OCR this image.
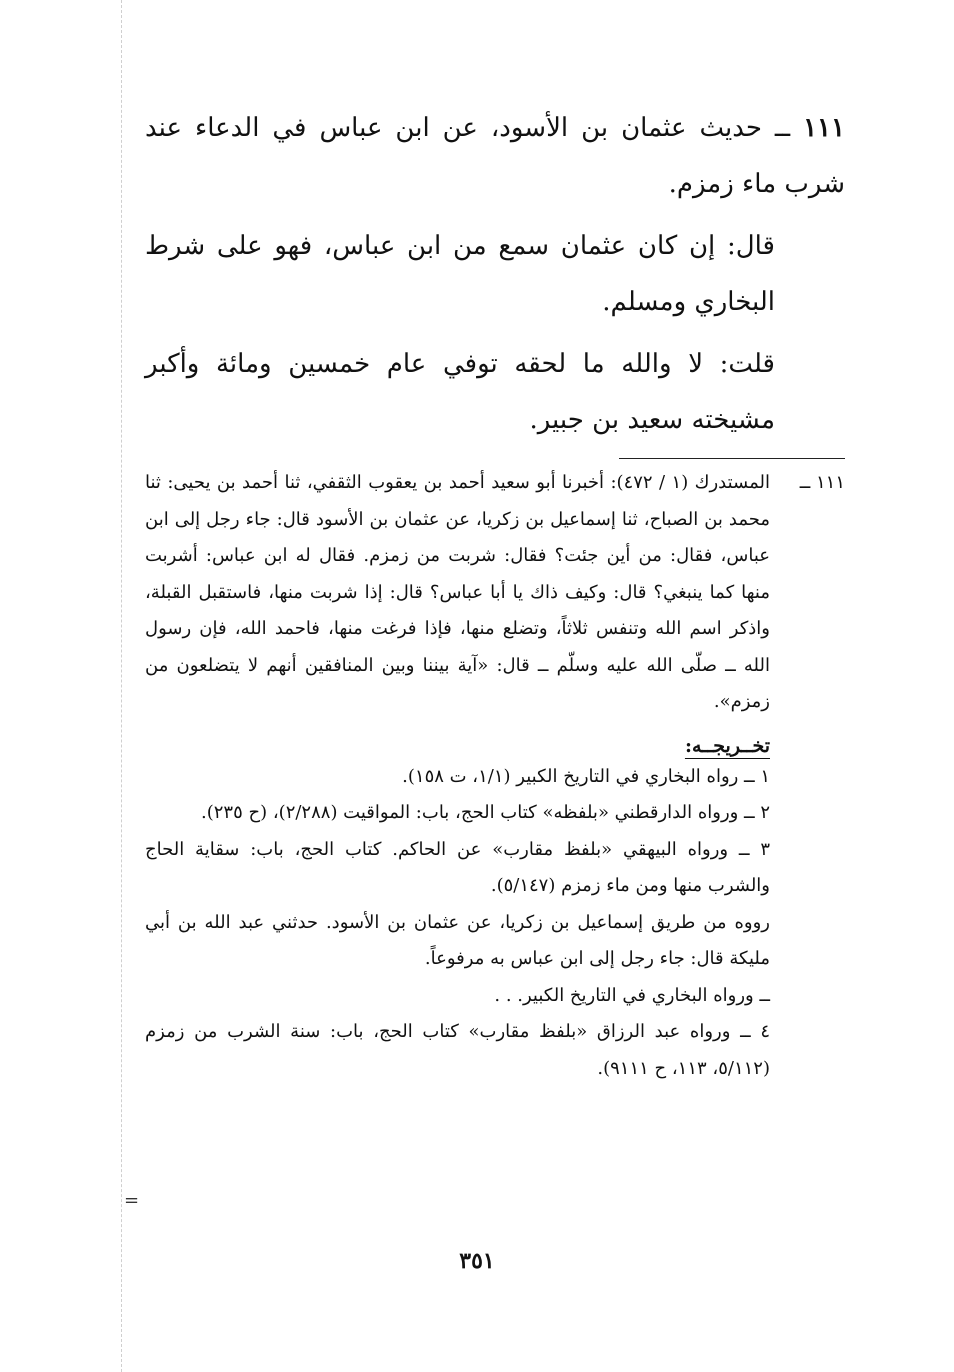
١١١ ــ حديث عثمان بن الأسود، عن ابن عباس في الدعاء عند شرب ماء زمزم.

قال: إن كان عثمان سمع من ابن عباس، فهو على شرط البخاري ومسلم.

قلت: لا والله ما لحقه توفي عام خمسين ومائة وأكبر مشيخته سعيد بن جبير.

١١١ ــالمستدرك (١ / ٤٧٢): أخبرنا أبو سعيد أحمد بن يعقوب الثقفي، ثنا أحمد بن يحيى: ثنا محمد بن الصباح، ثنا إسماعيل بن زكريا، عن عثمان بن الأسود قال: جاء رجل إلى ابن عباس، فقال: من أين جئت؟ فقال: شربت من زمزم. فقال له ابن عباس: أشربت منها كما ينبغي؟ قال: وكيف ذاك يا أبا عباس؟ قال: إذا شربت منها، فاستقبل القبلة، واذكر اسم الله وتنفس ثلاثاً، وتضلع منها، فإذا فرغت منها، فاحمد الله، فإن رسول الله ــ صلّى الله عليه وسلّم ــ قال: «آية بيننا وبين المنافقين أنهم لا يتضلعون من زمزم».

تخــريجــه:

١ ــ رواه البخاري في التاريخ الكبير (١/١، ت ١٥٨).

٢ ــ ورواه الدارقطني «بلفظه» كتاب الحج، باب: المواقيت (٢/٢٨٨)، (ح ٢٣٥).

٣ ــ ورواه البيهقي «بلفظ مقارب» عن الحاكم. كتاب الحج، باب: سقاية الحاج والشرب منها ومن ماء زمزم (٥/١٤٧).

رووه من طريق إسماعيل بن زكريا، عن عثمان بن الأسود. حدثني عبد الله بن أبي مليكة قال: جاء رجل إلى ابن عباس به مرفوعاً.

ــ ورواه البخاري في التاريخ الكبير. . .

٤ ــ ورواه عبد الرزاق «بلفظ مقارب» كتاب الحج، باب: سنة الشرب من زمزم (٥/١١٢، ١١٣، ح ٩١١١).

=
٣٥١
